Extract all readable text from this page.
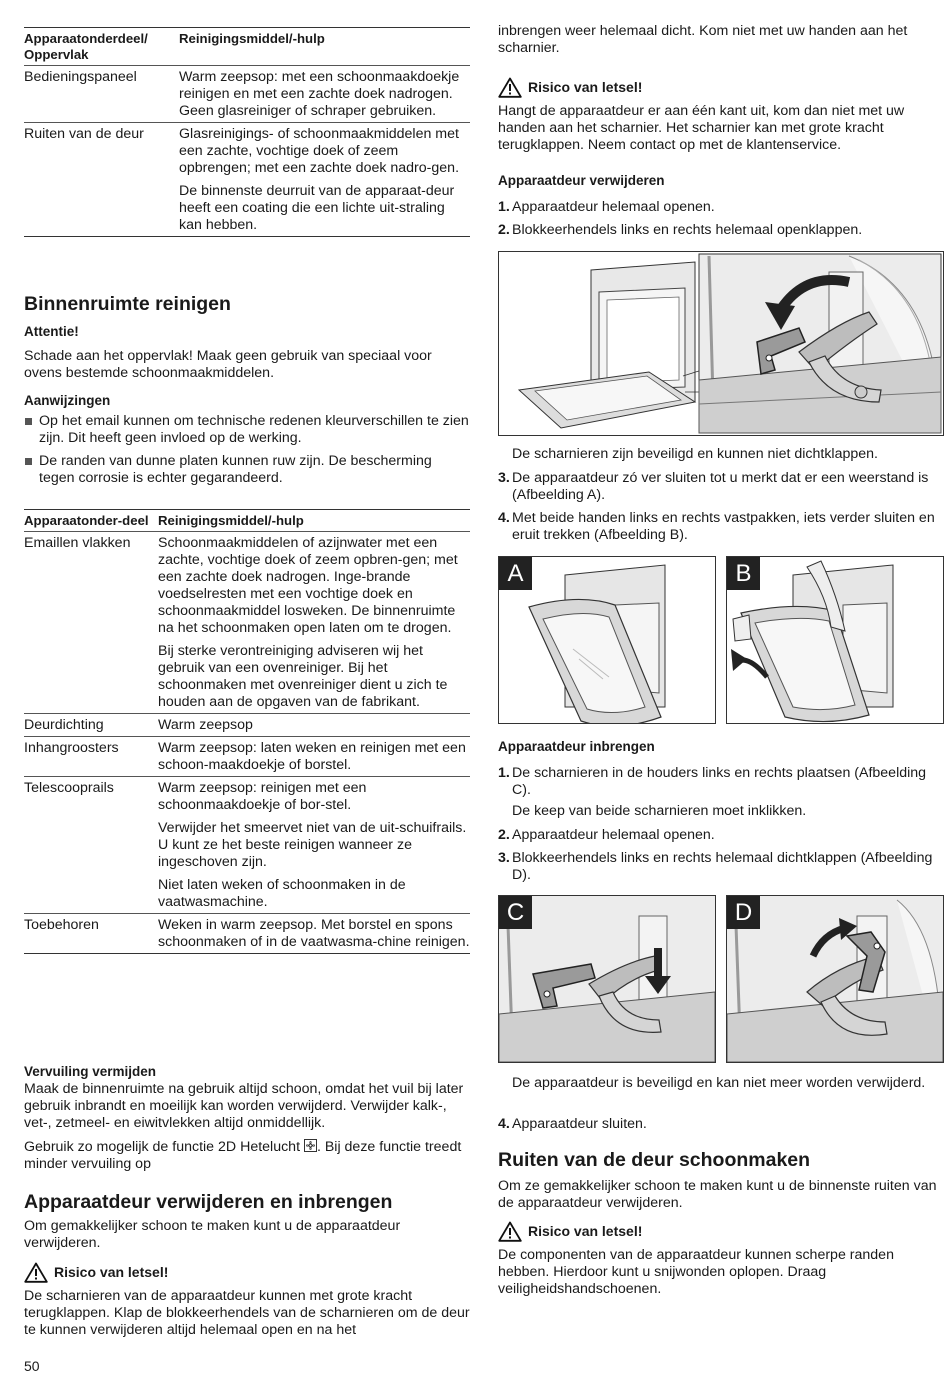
Apparaatonderdeel/ Oppervlak	Reinigingsmiddel/-hulp
Bedieningspaneel	Warm zeepsop: met een schoonmaakdoekje reinigen en met een zachte doek nadrogen. Geen glasreiniger of schraper gebruiken.

Ruiten van de deur	Glasreinigings- of schoonmaakmiddelen met een zachte, vochtige doek of zeem opbrengen; met een zachte doek nadro-gen.

De binnenste deurruit van de apparaat-deur heeft een coating die een lichte uit-straling kan hebben.

Binnenruimte reinigen
Attentie!

Schade aan het oppervlak! Maak geen gebruik van speciaal voor ovens bestemde schoonmaakmiddelen.

Aanwijzingen
Op het email kunnen om technische redenen kleurverschillen te zien zijn. Dit heeft geen invloed op de werking.
De randen van dunne platen kunnen ruw zijn. De bescherming tegen corrosie is echter gegarandeerd.
Apparaatonder-deel	Reinigingsmiddel/-hulp
Emaillen vlakken	Schoonmaakmiddelen of azijnwater met een zachte, vochtige doek of zeem opbren-gen; met een zachte doek nadrogen. Inge-brande voedselresten met een vochtige doek en schoonmaakmiddel losweken. De binnenruimte na het schoonmaken open laten om te drogen.

Bij sterke verontreiniging adviseren wij het gebruik van een ovenreiniger. Bij het schoonmaken met ovenreiniger dient u zich te houden aan de opgaven van de fabrikant.

Deurdichting	Warm zeepsop

Inhangroosters	Warm zeepsop: laten weken en reinigen met een schoon-maakdoekje of borstel.

Telescooprails	Warm zeepsop: reinigen met een schoonmaakdoekje of bor-stel.

Verwijder het smeervet niet van de uit-schuifrails. U kunt ze het beste reinigen wanneer ze ingeschoven zijn.

Niet laten weken of schoonmaken in de vaatwasmachine.

Toebehoren	Weken in warm zeepsop. Met borstel en spons schoonmaken of in de vaatwasma-chine reinigen.

Vervuiling vermijden

Maak de binnenruimte na gebruik altijd schoon, omdat het vuil bij later gebruik inbrandt en moeilijk kan worden verwijderd. Verwijder kalk-, vet-, zetmeel- en eiwitvlekken altijd onmiddellijk.

Gebruik zo mogelijk de functie 2D Hetelucht
. Bij deze functie treedt minder vervuiling op

Apparaatdeur verwijderen en inbrengen

Om gemakkelijker schoon te maken kunt u de apparaatdeur verwijderen.

Risico van letsel!

De scharnieren van de apparaatdeur kunnen met grote kracht terugklappen. Klap de blokkeerhendels van de scharnieren om de deur te kunnen verwijderen altijd helemaal open en na het

50

inbrengen weer helemaal dicht. Kom niet met uw handen aan het scharnier.

Risico van letsel!

Hangt de apparaatdeur er aan één kant uit, kom dan niet met uw handen aan het scharnier. Het scharnier kan met grote kracht terugklappen. Neem contact op met de klantenservice.

Apparaatdeur verwijderen
1. Apparaatdeur helemaal openen.
2. Blokkeerhendels links en rechts helemaal openklappen.

De scharnieren zijn beveiligd en kunnen niet dichtklappen.

3. De apparaatdeur zó ver sluiten tot u merkt dat er een weerstand is (Afbeelding A).
4. Met beide handen links en rechts vastpakken, iets verder sluiten en eruit trekken (Afbeelding B).
A	B
Apparaatdeur inbrengen
1. De scharnieren in de houders links en rechts plaatsen (Afbeelding C).

De keep van beide scharnieren moet inklikken.

2. Apparaatdeur helemaal openen.
3. Blokkeerhendels links en rechts helemaal dichtklappen (Afbeelding D).
C	D

De apparaatdeur is beveiligd en kan niet meer worden verwijderd.

4. Apparaatdeur sluiten.
Ruiten van de deur schoonmaken

Om ze gemakkelijker schoon te maken kunt u de binnenste ruiten van de apparaatdeur verwijderen.

Risico van letsel!

De componenten van de apparaatdeur kunnen scherpe randen hebben. Hierdoor kunt u snijwonden oplopen. Draag veiligheidshandschoenen.
